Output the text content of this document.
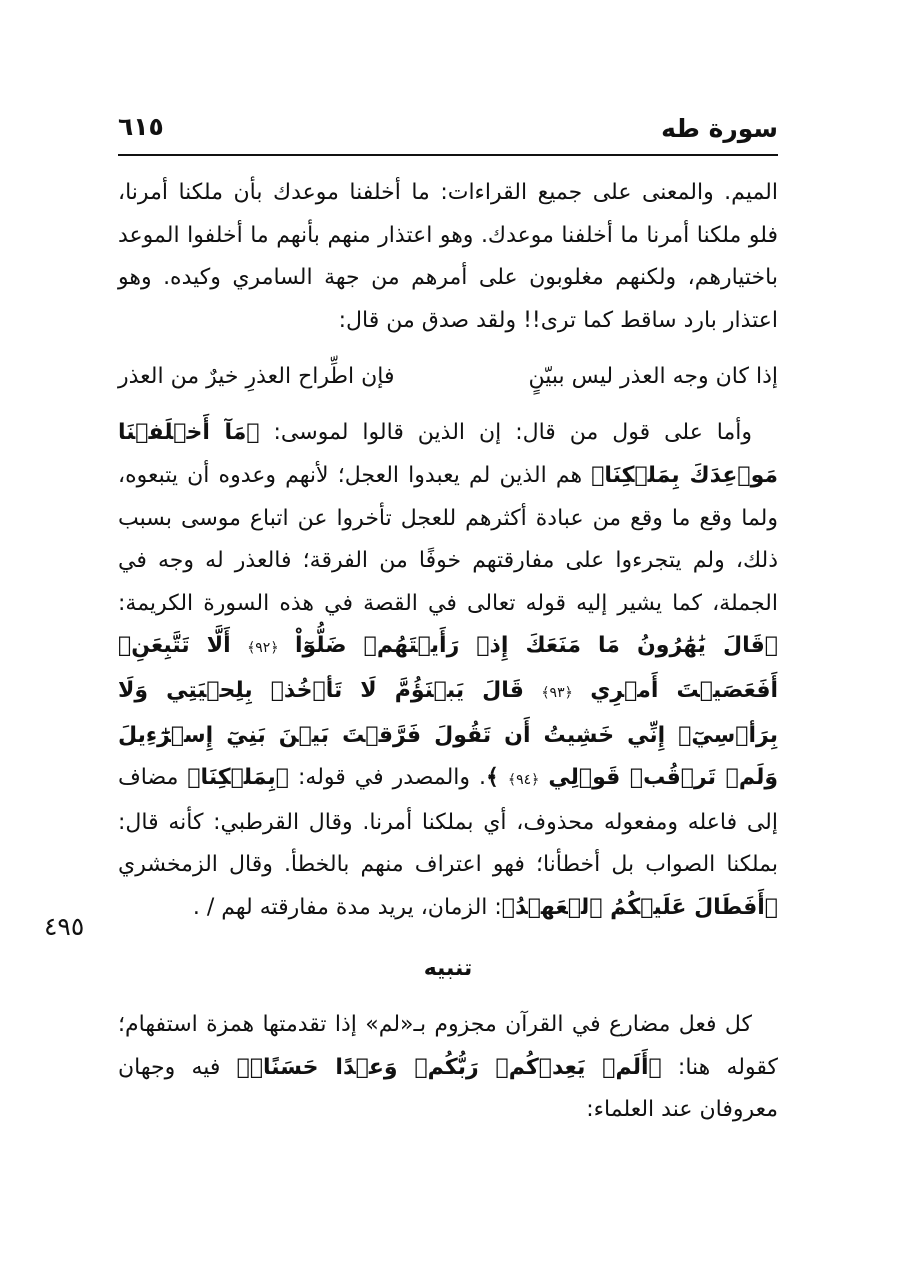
سورة طه
٦١٥
٤٩٥

الميم. والمعنى على جميع القراءات: ما أخلفنا موعدك بأن ملكنا أمرنا، فلو ملكنا أمرنا ما أخلفنا موعدك. وهو اعتذار منهم بأنهم ما أخلفوا الموعد باختيارهم، ولكنهم مغلوبون على أمرهم من جهة السامري وكيده. وهو اعتذار بارد ساقط كما ترى!! ولقد صدق من قال:

إذا كان وجه العذر ليس ببيّنٍ
فإن اطِّراح العذرِ خيرٌ من العذر

وأما على قول من قال: إن الذين قالوا لموسى: ﴿مَآ أَخۡلَفۡنَا مَوۡعِدَكَ بِمَلۡكِنَا﴾ هم الذين لم يعبدوا العجل؛ لأنهم وعدوه أن يتبعوه، ولما وقع ما وقع من عبادة أكثرهم للعجل تأخروا عن اتباع موسى بسبب ذلك، ولم يتجرءوا على مفارقتهم خوفًا من الفرقة؛ فالعذر له وجه في الجملة، كما يشير إليه قوله تعالى في القصة في هذه السورة الكريمة: ﴿قَالَ يَٰهَٰرُونُ مَا مَنَعَكَ إِذۡ رَأَيۡتَهُمۡ ضَلُّوٓاْ ﴿٩٢﴾ أَلَّا تَتَّبِعَنِۖ أَفَعَصَيۡتَ أَمۡرِي ﴿٩٣﴾ قَالَ يَبۡنَؤُمَّ لَا تَأۡخُذۡ بِلِحۡيَتِي وَلَا بِرَأۡسِيٓۖ إِنِّي خَشِيتُ أَن تَقُولَ فَرَّقۡتَ بَيۡنَ بَنِيٓ إِسۡرَٰٓءِيلَ وَلَمۡ تَرۡقُبۡ قَوۡلِي ﴿٩٤﴾ ﴾. والمصدر في قوله: ﴿بِمَلۡكِنَا﴾ مضاف إلى فاعله ومفعوله محذوف، أي بملكنا أمرنا. وقال القرطبي: كأنه قال: بملكنا الصواب بل أخطأنا؛ فهو اعتراف منهم بالخطأ. وقال الزمخشري ﴿أَفَطَالَ عَلَيۡكُمُ ٱلۡعَهۡدُ﴾: الزمان، يريد مدة مفارقته لهم / .

تنبيه

كل فعل مضارع في القرآن مجزوم بـ«لم» إذا تقدمتها همزة استفهام؛ كقوله هنا: ﴿أَلَمۡ يَعِدۡكُمۡ رَبُّكُمۡ وَعۡدًا حَسَنًاۚ﴾ فيه وجهان معروفان عند العلماء:
